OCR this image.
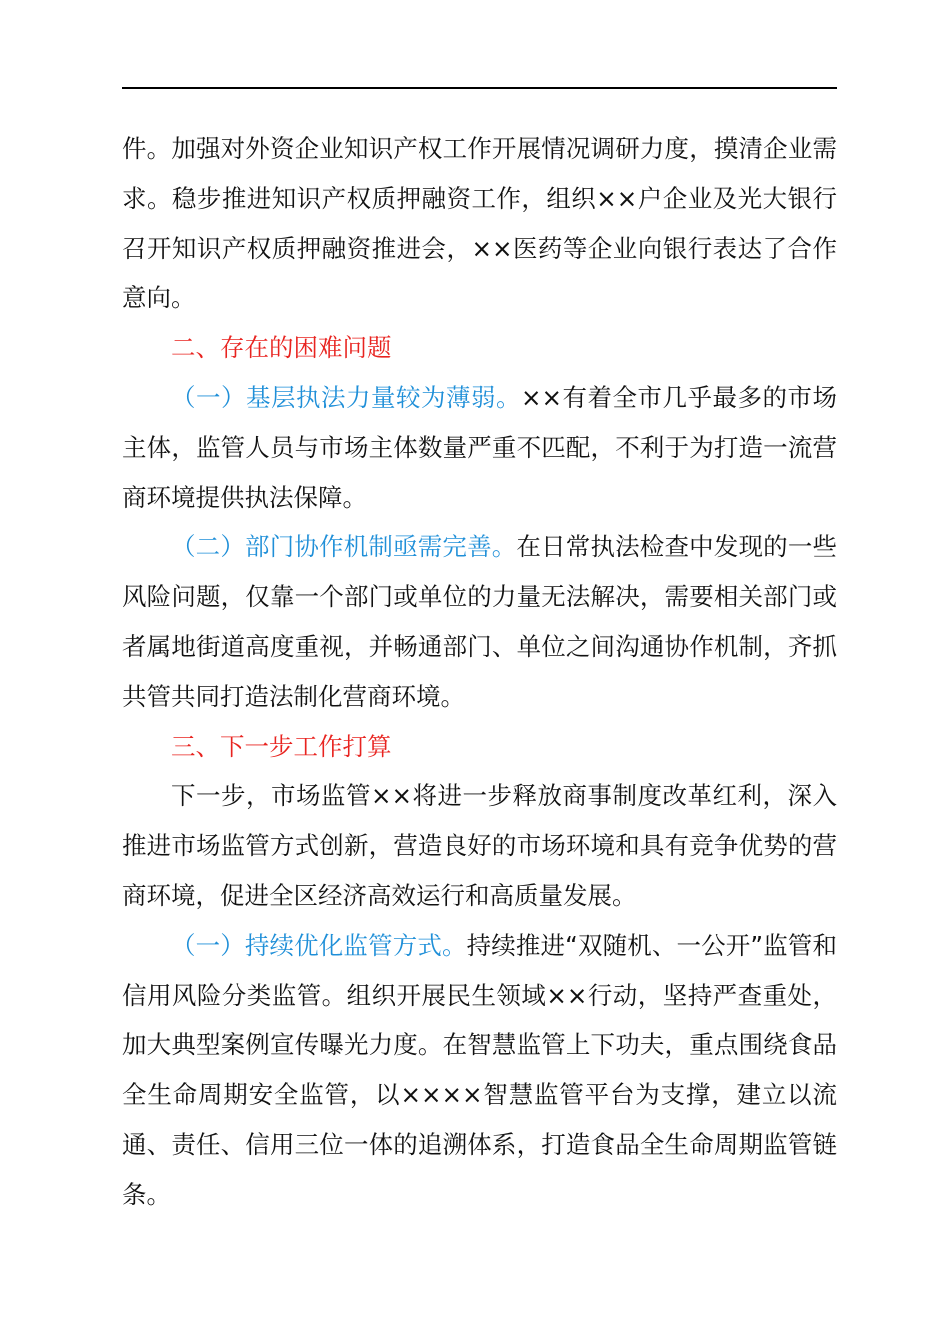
件。加强对外资企业知识产权工作开展情况调研力度，摸清企业需求。稳步推进知识产权质押融资工作，组织××户企业及光大银行召开知识产权质押融资推进会，××医药等企业向银行表达了合作意向。

二、存在的困难问题

（一）基层执法力量较为薄弱。××有着全市几乎最多的市场主体，监管人员与市场主体数量严重不匹配，不利于为打造一流营商环境提供执法保障。

（二）部门协作机制亟需完善。在日常执法检查中发现的一些风险问题，仅靠一个部门或单位的力量无法解决，需要相关部门或者属地街道高度重视，并畅通部门、单位之间沟通协作机制，齐抓共管共同打造法制化营商环境。

三、下一步工作打算

下一步，市场监管××将进一步释放商事制度改革红利，深入推进市场监管方式创新，营造良好的市场环境和具有竞争优势的营商环境，促进全区经济高效运行和高质量发展。

（一）持续优化监管方式。持续推进“双随机、一公开”监管和信用风险分类监管。组织开展民生领域××行动，坚持严查重处，加大典型案例宣传曝光力度。在智慧监管上下功夫，重点围绕食品全生命周期安全监管，以××××智慧监管平台为支撑，建立以流通、责任、信用三位一体的追溯体系，打造食品全生命周期监管链条。
